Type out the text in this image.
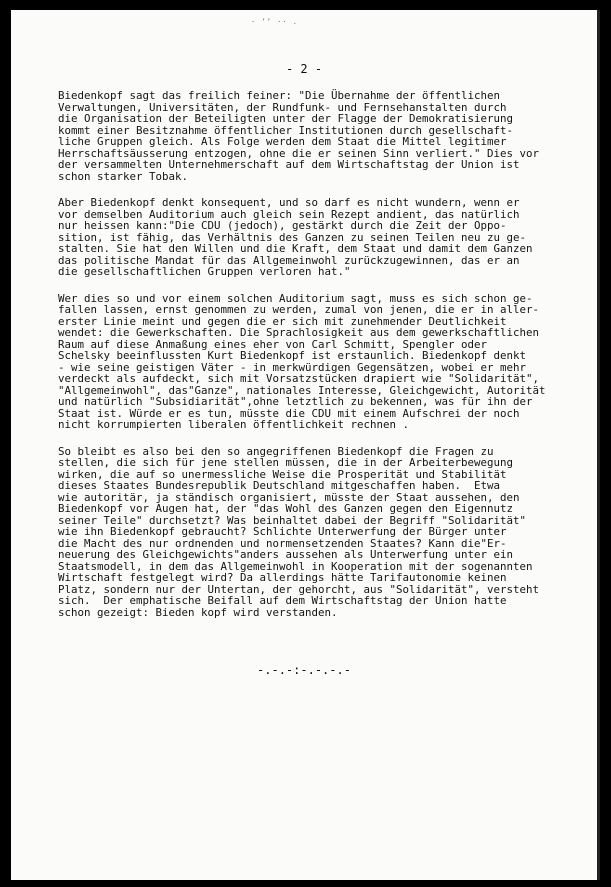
· ʼ’ ·· .
- 2 -
Biedenkopf sagt das freilich feiner: "Die Übernahme der öffentlichen
Verwaltungen, Universitäten, der Rundfunk- und Fernsehanstalten durch
die Organisation der Beteiligten unter der Flagge der Demokratisierung
kommt einer Besitznahme öffentlicher Institutionen durch gesellschaft-
liche Gruppen gleich. Als Folge werden dem Staat die Mittel legitimer
Herrschaftsäusserung entzogen, ohne die er seinen Sinn verliert." Dies vor
der versammelten Unternehmerschaft auf dem Wirtschaftstag der Union ist
schon starker Tobak.
Aber Biedenkopf denkt konsequent, und so darf es nicht wundern, wenn er
vor demselben Auditorium auch gleich sein Rezept andient, das natürlich
nur heissen kann:"Die CDU (jedoch), gestärkt durch die Zeit der Oppo-
sition, ist fähig, das Verhältnis des Ganzen zu seinen Teilen neu zu ge-
stalten. Sie hat den Willen und die Kraft, dem Staat und damit dem Ganzen
das politische Mandat für das Allgemeinwohl zurückzugewinnen, das er an
die gesellschaftlichen Gruppen verloren hat."
Wer dies so und vor einem solchen Auditorium sagt, muss es sich schon ge-
fallen lassen, ernst genommen zu werden, zumal von jenen, die er in aller-
erster Linie meint und gegen die er sich mit zunehmender Deutlichkeit
wendet: die Gewerkschaften. Die Sprachlosigkeit aus dem gewerkschaftlichen
Raum auf diese Anmaßung eines eher von Carl Schmitt, Spengler oder
Schelsky beeinflussten Kurt Biedenkopf ist erstaunlich. Biedenkopf denkt
- wie seine geistigen Väter - in merkwürdigen Gegensätzen, wobei er mehr
verdeckt als aufdeckt, sich mit Vorsatzstücken drapiert wie "Solidarität",
"Allgemeinwohl", das"Ganze", nationales Interesse, Gleichgewicht, Autorität
und natürlich "Subsidiarität",ohne letztlich zu bekennen, was für ihn der
Staat ist. Würde er es tun, müsste die CDU mit einem Aufschrei der noch
nicht korrumpierten liberalen öffentlichkeit rechnen .
So bleibt es also bei den so angegriffenen Biedenkopf die Fragen zu
stellen, die sich für jene stellen müssen, die in der Arbeiterbewegung
wirken, die auf so unermessliche Weise die Prosperität und Stabilität
dieses Staates Bundesrepublik Deutschland mitgeschaffen haben.  Etwa
wie autoritär, ja ständisch organisiert, müsste der Staat aussehen, den
Biedenkopf vor Augen hat, der "das Wohl des Ganzen gegen den Eigennutz
seiner Teile" durchsetzt? Was beinhaltet dabei der Begriff "Solidarität"
wie ihn Biedenkopf gebraucht? Schlichte Unterwerfung der Bürger unter
die Macht des nur ordnenden und normensetzenden Staates? Kann die"Er-
neuerung des Gleichgewichts"anders aussehen als Unterwerfung unter ein
Staatsmodell, in dem das Allgemeinwohl in Kooperation mit der sogenannten
Wirtschaft festgelegt wird? Da allerdings hätte Tarifautonomie keinen
Platz, sondern nur der Untertan, der gehorcht, aus "Solidarität", versteht
sich.  Der emphatische Beifall auf dem Wirtschaftstag der Union hatte
schon gezeigt: Bieden kopf wird verstanden.
-.-.-:-.-.-.-
